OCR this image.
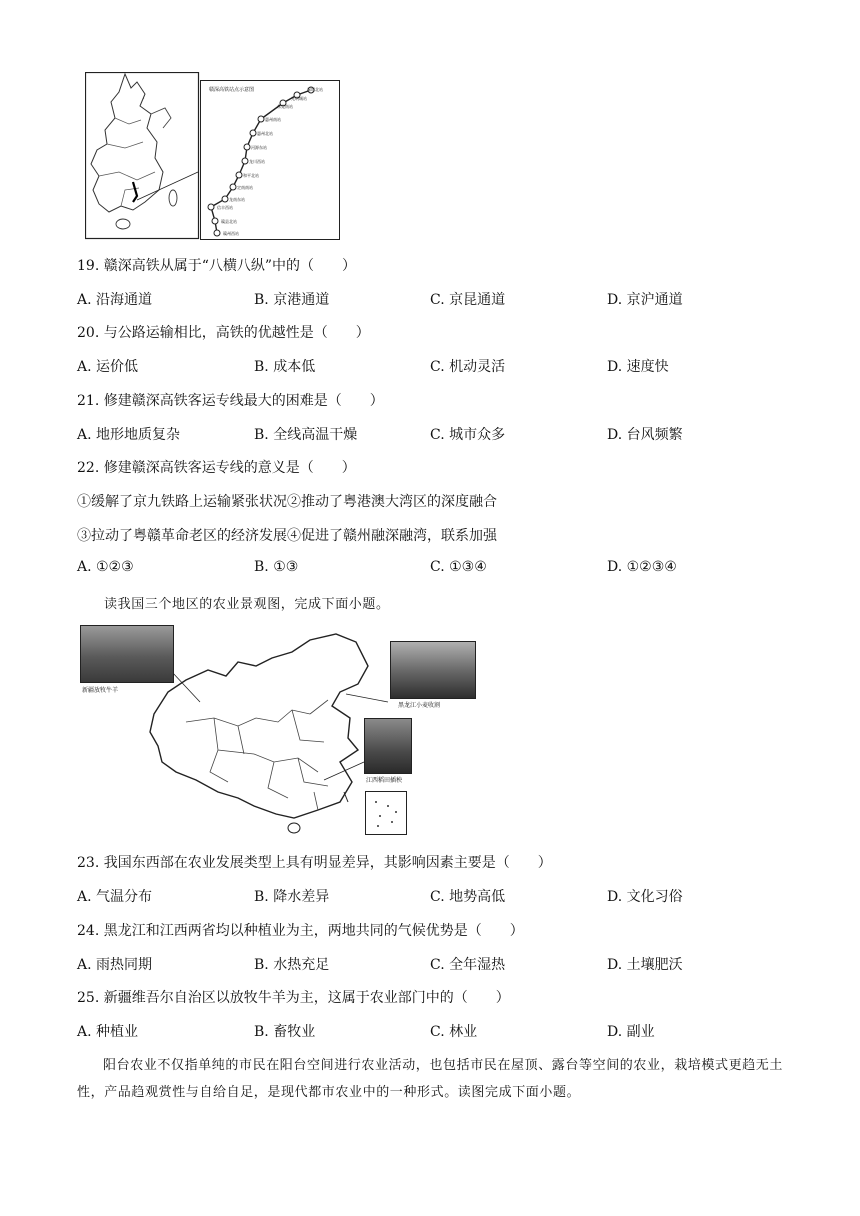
·
赣深高铁站点示意图	深圳北站
光明城站
东莞南站
惠州南站
惠州北站
河源东站
龙川西站
和平北站
定南南站
龙南东站
信丰西站
赣县北站
赣州西站
19. 赣深高铁从属于“八横八纵”中的（　　）
A. 沿海通道	B. 京港通道	C. 京昆通道	D. 京沪通道
20. 与公路运输相比，高铁的优越性是（　　）
A. 运价低	B. 成本低	C. 机动灵活	D. 速度快
21. 修建赣深高铁客运专线最大的困难是（　　）
A. 地形地质复杂	B. 全线高温干燥	C. 城市众多	D. 台风频繁
22. 修建赣深高铁客运专线的意义是（　　）
①缓解了京九铁路上运输紧张状况②推动了粤港澳大湾区的深度融合
③拉动了粤赣革命老区的经济发展④促进了赣州融深融湾，联系加强
A. ①②③	B. ①③	C. ①③④	D. ①②③④
读我国三个地区的农业景观图，完成下面小题。
新疆放牧牛羊
黑龙江小麦收割
江西稻田插秧
23. 我国东西部在农业发展类型上具有明显差异，其影响因素主要是（　　）
A. 气温分布	B. 降水差异	C. 地势高低	D. 文化习俗
24. 黑龙江和江西两省均以种植业为主，两地共同的气候优势是（　　）
A. 雨热同期	B. 水热充足	C. 全年湿热	D. 土壤肥沃
25. 新疆维吾尔自治区以放牧牛羊为主，这属于农业部门中的（　　）
A. 种植业	B. 畜牧业	C. 林业	D. 副业
阳台农业不仅指单纯的市民在阳台空间进行农业活动，也包括市民在屋顶、露台等空间的农业，栽培模式更趋无土性，产品趋观赏性与自给自足，是现代都市农业中的一种形式。读图完成下面小题。
